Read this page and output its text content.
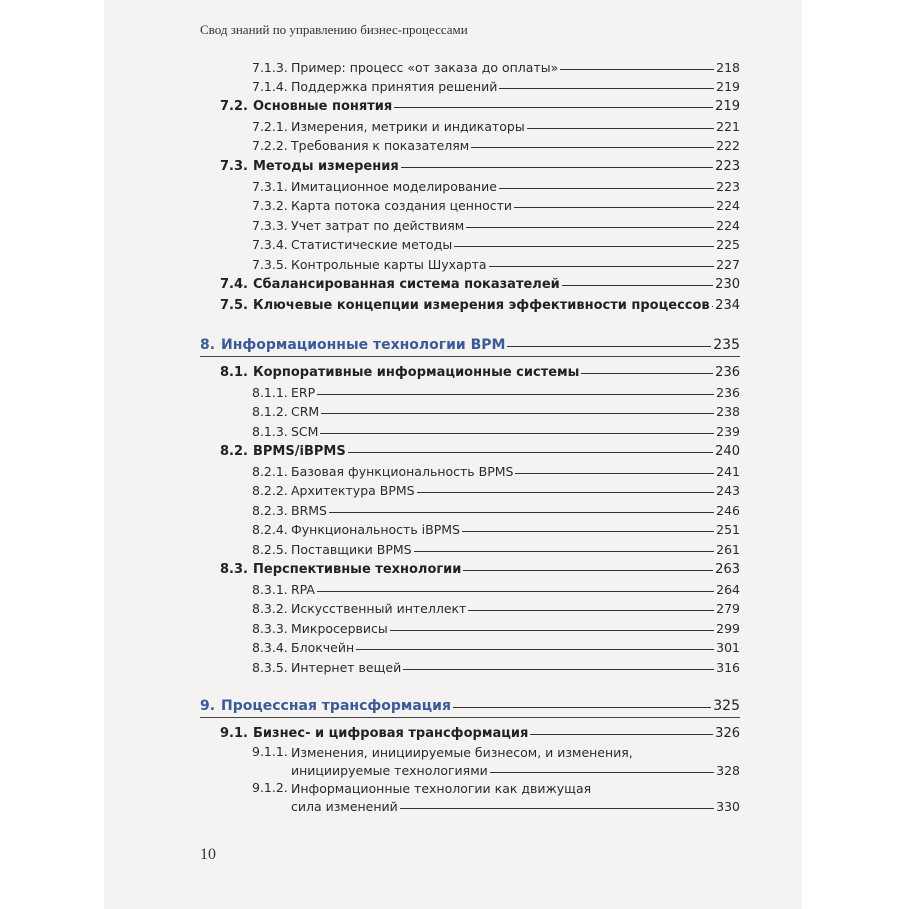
Свод знаний по управлению бизнес-процессами
7.1.3. Пример: процесс «от заказа до оплаты»	218
7.1.4. Поддержка принятия решений	219
7.2. Основные понятия	219
7.2.1. Измерения, метрики и индикаторы	221
7.2.2. Требования к показателям	222
7.3. Методы измерения	223
7.3.1. Имитационное моделирование	223
7.3.2. Карта потока создания ценности	224
7.3.3. Учет затрат по действиям	224
7.3.4. Статистические методы	225
7.3.5. Контрольные карты Шухарта	227
7.4. Сбалансированная система показателей	230
7.5. Ключевые концепции измерения эффективности процессов 234
8. Информационные технологии BPM	235
8.1. Корпоративные информационные системы	236
8.1.1. ERP	236
8.1.2. CRM	238
8.1.3. SCM	239
8.2. BPMS/iBPMS	240
8.2.1. Базовая функциональность BPMS	241
8.2.2. Архитектура BPMS	243
8.2.3. BRMS	246
8.2.4. Функциональность iBPMS	251
8.2.5. Поставщики BPMS	261
8.3. Перспективные технологии	263
8.3.1. RPA	264
8.3.2. Искусственный интеллект	279
8.3.3. Микросервисы	299
8.3.4. Блокчейн	301
8.3.5. Интернет вещей	316
9. Процессная трансформация	325
9.1. Бизнес- и цифровая трансформация	326
9.1.1. Изменения, инициируемые бизнесом, и изменения,
инициируемые технологиями	328
9.1.2. Информационные технологии как движущая
сила изменений	330
10
